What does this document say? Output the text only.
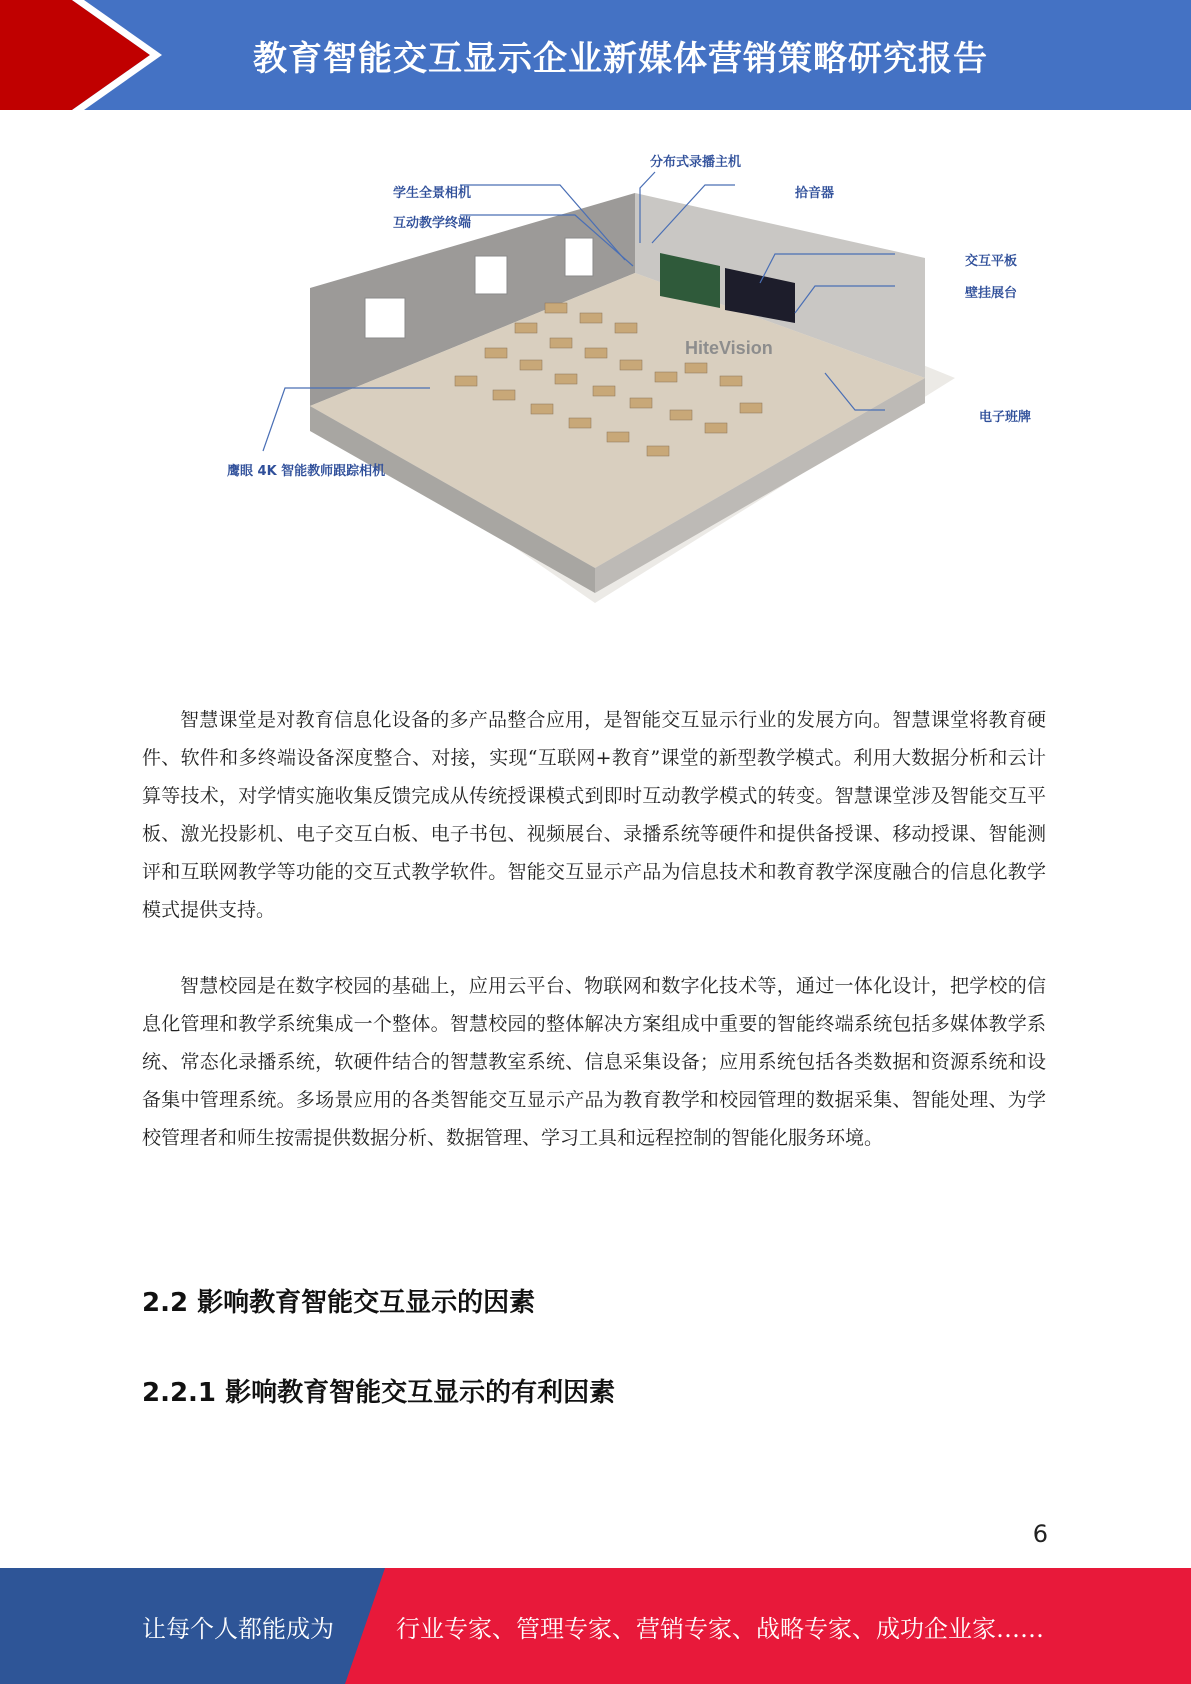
教育智能交互显示企业新媒体营销策略研究报告
分布式录播主机
学生全景相机	拾音器
互动教学终端
交互平板
壁挂展台
电子班牌
鹰眼 4K 智能教师跟踪相机
HiteVision

智慧课堂是对教育信息化设备的多产品整合应用，是智能交互显示行业的发展方向。智慧课堂将教育硬件、软件和多终端设备深度整合、对接，实现“互联网+教育”课堂的新型教学模式。利用大数据分析和云计算等技术，对学情实施收集反馈完成从传统授课模式到即时互动教学模式的转变。智慧课堂涉及智能交互平板、激光投影机、电子交互白板、电子书包、视频展台、录播系统等硬件和提供备授课、移动授课、智能测评和互联网教学等功能的交互式教学软件。智能交互显示产品为信息技术和教育教学深度融合的信息化教学模式提供支持。

智慧校园是在数字校园的基础上，应用云平台、物联网和数字化技术等，通过一体化设计，把学校的信息化管理和教学系统集成一个整体。智慧校园的整体解决方案组成中重要的智能终端系统包括多媒体教学系统、常态化录播系统，软硬件结合的智慧教室系统、信息采集设备；应用系统包括各类数据和资源系统和设备集中管理系统。多场景应用的各类智能交互显示产品为教育教学和校园管理的数据采集、智能处理、为学校管理者和师生按需提供数据分析、数据管理、学习工具和远程控制的智能化服务环境。

2.2 影响教育智能交互显示的因素
2.2.1 影响教育智能交互显示的有利因素
6
让每个人都能成为	行业专家、管理专家、营销专家、战略专家、成功企业家……
